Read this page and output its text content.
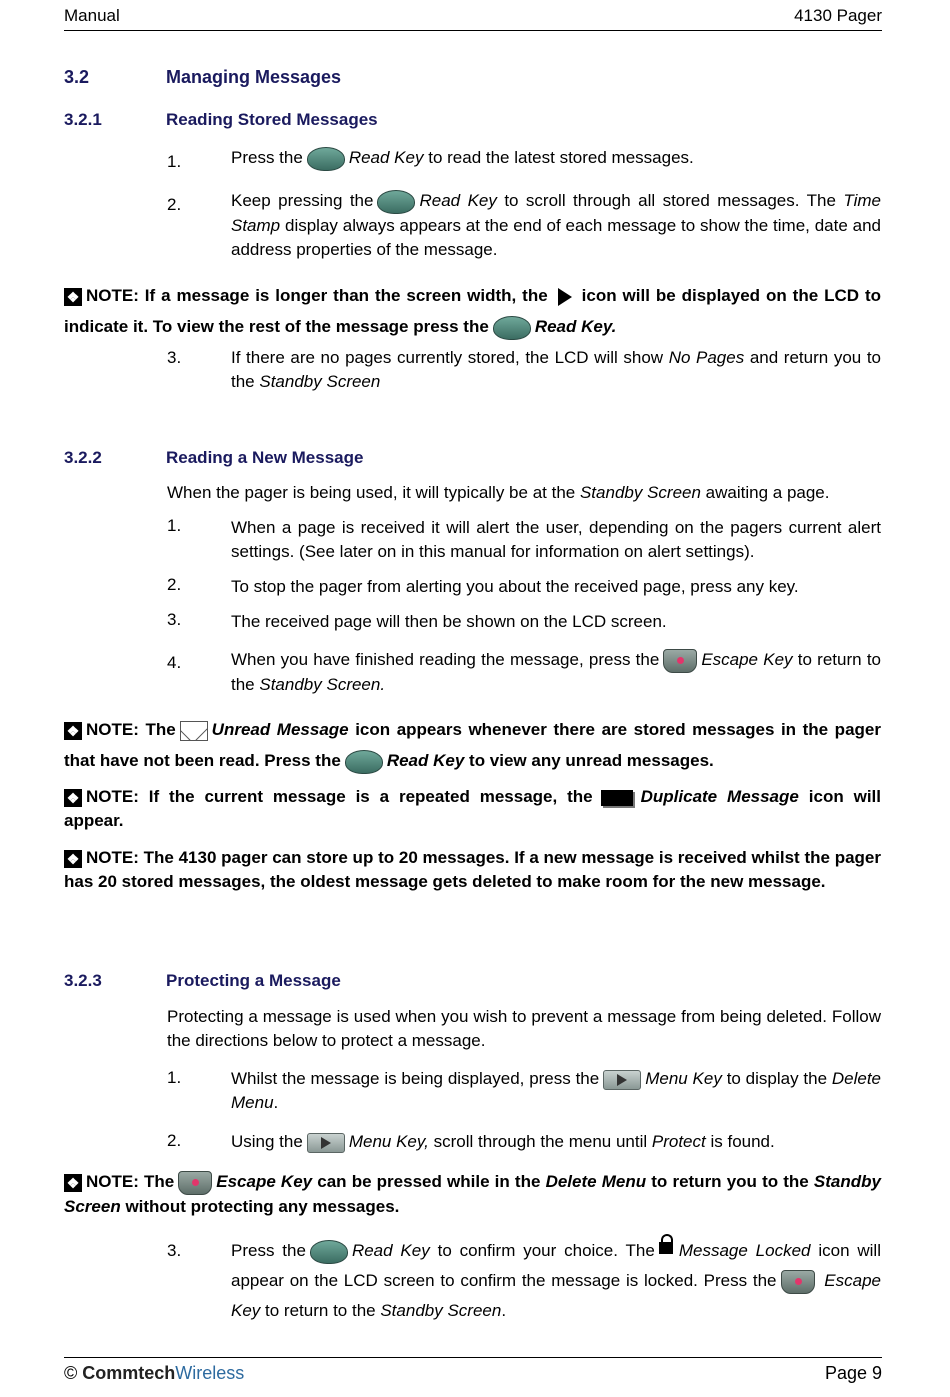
Manual	4130 Pager
3.2	Managing Messages
3.2.1	Reading Stored Messages
1.	Press the	Read Key to read the latest stored messages.
2.	Keep pressing the	Read Key to scroll through all stored messages. The Time Stamp display always appears at the end of each message to show the time, date and address properties of the message.
❖ NOTE: If a message is longer than the screen width, the icon will be displayed on the LCD to indicate it. To view the rest of the message press the	Read Key.
3.	If there are no pages currently stored, the LCD will show No Pages and return you to the Standby Screen
3.2.2	Reading a New Message
When the pager is being used, it will typically be at the Standby Screen awaiting a page.
1.	When a page is received it will alert the user, depending on the pagers current alert settings. (See later on in this manual for information on alert settings).
2.	To stop the pager from alerting you about the received page, press any key.
3.	The received page will then be shown on the LCD screen.
4.	When you have finished reading the message, press the Escape Key to return to the Standby Screen.
❖ NOTE: The Unread Message icon appears whenever there are stored messages in the pager that have not been read. Press the	Read Key to view any unread messages.
❖ NOTE: If the current message is a repeated message, the	Duplicate Message icon will appear.
❖ NOTE: The 4130 pager can store up to 20 messages. If a new message is received whilst the pager has 20 stored messages, the oldest message gets deleted to make room for the new message.
3.2.3	Protecting a Message
Protecting a message is used when you wish to prevent a message from being deleted. Follow the directions below to protect a message.
1.	Whilst the message is being displayed, press the	Menu Key to display the Delete Menu.
2.	Using the	Menu Key, scroll through the menu until Protect is found.
❖ NOTE: The Escape Key can be pressed while in the Delete Menu to return you to the Standby Screen without protecting any messages.
3.	Press the	Read Key to confirm your choice. The Message Locked icon will appear on the LCD screen to confirm the message is locked. Press the	Escape Key to return to the Standby Screen.
© CommtechWireless	Page 9
